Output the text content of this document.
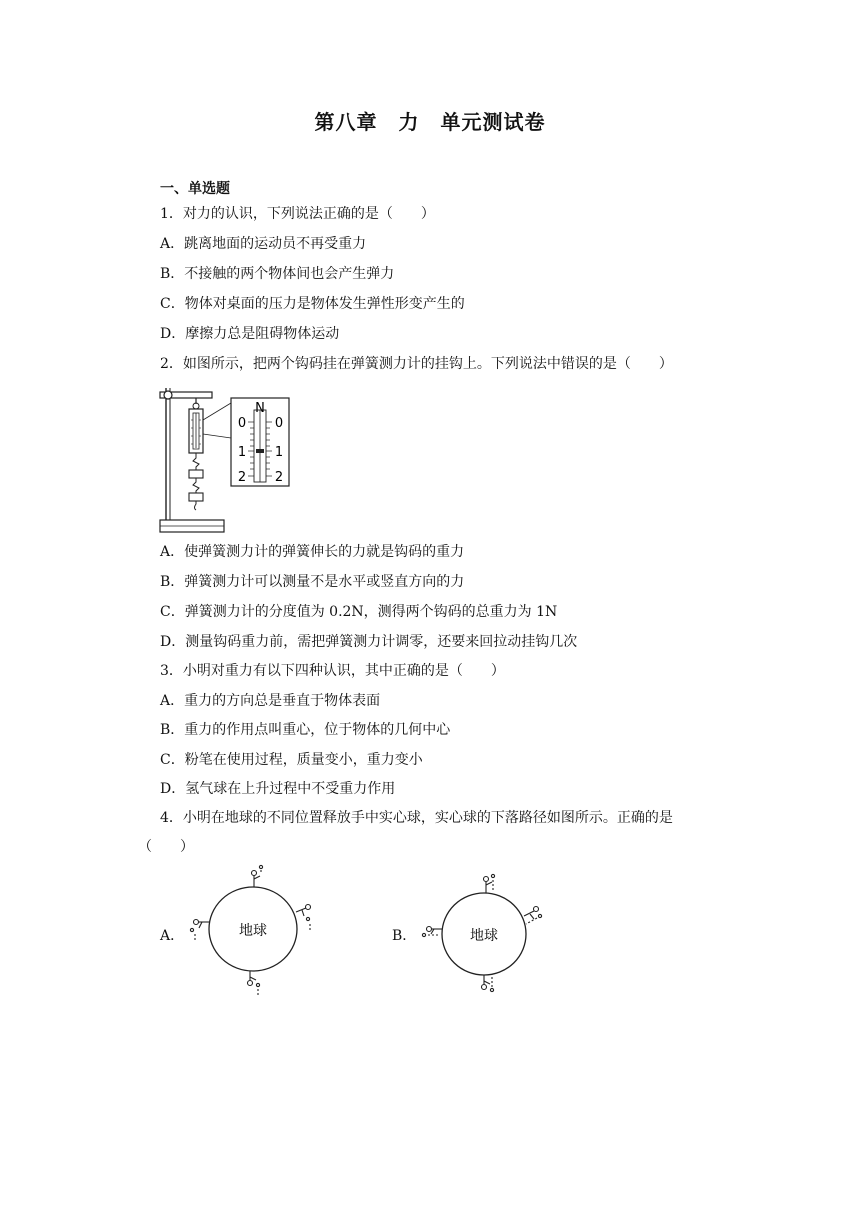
第八章　力　单元测试卷
一、单选题
1．对力的认识，下列说法正确的是（　　）
A．跳离地面的运动员不再受重力
B．不接触的两个物体间也会产生弹力
C．物体对桌面的压力是物体发生弹性形变产生的
D．摩擦力总是阻碍物体运动
2．如图所示，把两个钩码挂在弹簧测力计的挂钩上。下列说法中错误的是（　　）
N
0
1
2
0
1
2
A．使弹簧测力计的弹簧伸长的力就是钩码的重力
B．弹簧测力计可以测量不是水平或竖直方向的力
C．弹簧测力计的分度值为 0.2N，测得两个钩码的总重力为 1N
D．测量钩码重力前，需把弹簧测力计调零，还要来回拉动挂钩几次
3．小明对重力有以下四种认识，其中正确的是（　　）
A．重力的方向总是垂直于物体表面
B．重力的作用点叫重心，位于物体的几何中心
C．粉笔在使用过程，质量变小，重力变小
D．氢气球在上升过程中不受重力作用
4．小明在地球的不同位置释放手中实心球，实心球的下落路径如图所示。正确的是
（　　）
A．	地球	B．	地球
